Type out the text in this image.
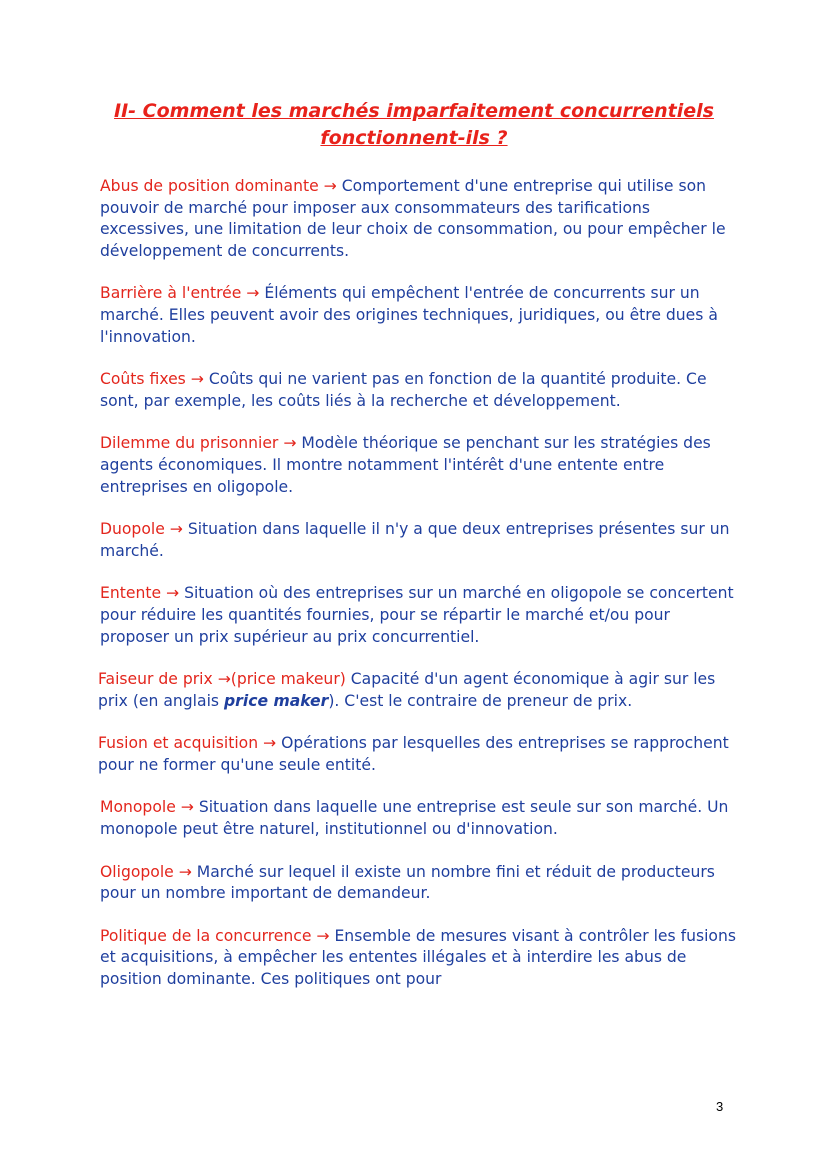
II- Comment les marchés imparfaitement concurrentiels fonctionnent-ils ?

Abus de position dominante → Comportement d'une entreprise qui utilise son pouvoir de marché pour imposer aux consommateurs des tarifications excessives, une limitation de leur choix de consommation, ou pour empêcher le développement de concurrents.

Barrière à l'entrée → Éléments qui empêchent l'entrée de concurrents sur un marché. Elles peuvent avoir des origines techniques, juridiques, ou être dues à l'innovation.

Coûts fixes → Coûts qui ne varient pas en fonction de la quantité produite. Ce sont, par exemple, les coûts liés à la recherche et développement.

Dilemme du prisonnier → Modèle théorique se penchant sur les stratégies des agents économiques. Il montre notamment l'intérêt d'une entente entre entreprises en oligopole.

Duopole → Situation dans laquelle il n'y a que deux entreprises présentes sur un marché.

Entente → Situation où des entreprises sur un marché en oligopole se concertent pour réduire les quantités fournies, pour se répartir le marché et/ou pour proposer un prix supérieur au prix concurrentiel.

Faiseur de prix →(price makeur) Capacité d'un agent économique à agir sur les prix (en anglais price maker). C'est le contraire de preneur de prix.

Fusion et acquisition → Opérations par lesquelles des entreprises se rapprochent pour ne former qu'une seule entité.

Monopole → Situation dans laquelle une entreprise est seule sur son marché. Un monopole peut être naturel, institutionnel ou d'innovation.

Oligopole → Marché sur lequel il existe un nombre fini et réduit de producteurs pour un nombre important de demandeur.

Politique de la concurrence → Ensemble de mesures visant à contrôler les fusions et acquisitions, à empêcher les ententes illégales et à interdire les abus de position dominante. Ces politiques ont pour

3
